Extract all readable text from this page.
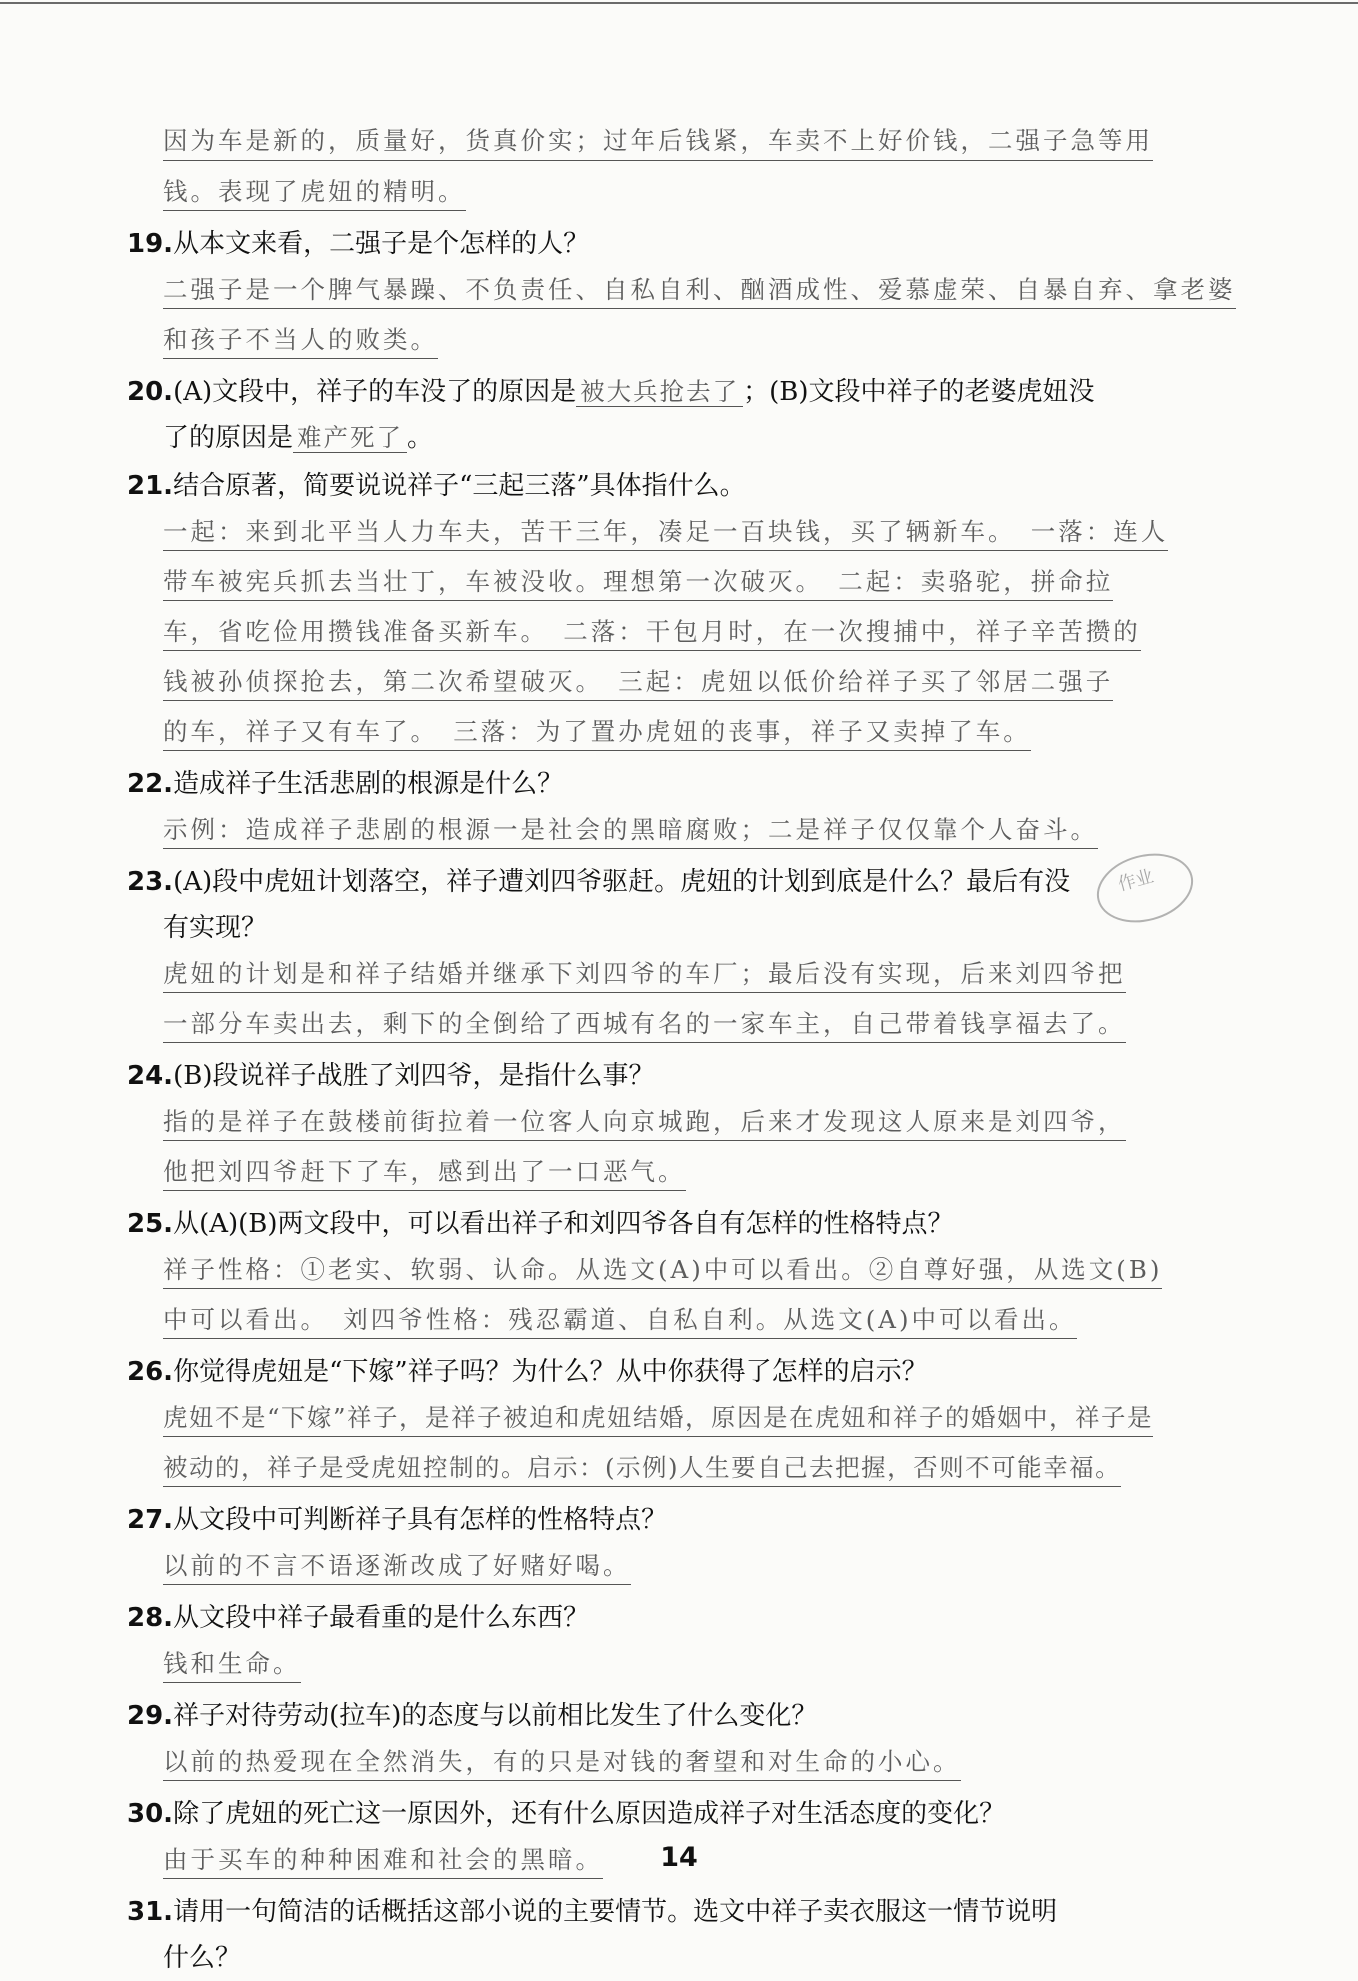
因为车是新的，质量好，货真价实；过年后钱紧，车卖不上好价钱，二强子急等用
钱。表现了虎妞的精明。
19.从本文来看，二强子是个怎样的人？
二强子是一个脾气暴躁、不负责任、自私自利、酗酒成性、爱慕虚荣、自暴自弃、拿老婆
和孩子不当人的败类。
20.(A)文段中，祥子的车没了的原因是 被大兵抢去了 ；(B)文段中祥子的老婆虎妞没
了的原因是 难产死了 。
21.结合原著，简要说说祥子“三起三落”具体指什么。
一起：来到北平当人力车夫，苦干三年，凑足一百块钱，买了辆新车。　一落：连人
带车被宪兵抓去当壮丁，车被没收。理想第一次破灭。　二起：卖骆驼，拼命拉
车，省吃俭用攒钱准备买新车。　二落：干包月时，在一次搜捕中，祥子辛苦攒的
钱被孙侦探抢去，第二次希望破灭。　三起：虎妞以低价给祥子买了邻居二强子
的车，祥子又有车了。　三落：为了置办虎妞的丧事，祥子又卖掉了车。
22.造成祥子生活悲剧的根源是什么？
示例：造成祥子悲剧的根源一是社会的黑暗腐败；二是祥子仅仅靠个人奋斗。
23.(A)段中虎妞计划落空，祥子遭刘四爷驱赶。虎妞的计划到底是什么？最后有没
有实现？
虎妞的计划是和祥子结婚并继承下刘四爷的车厂；最后没有实现，后来刘四爷把
一部分车卖出去，剩下的全倒给了西城有名的一家车主，自己带着钱享福去了。
24.(B)段说祥子战胜了刘四爷，是指什么事？
指的是祥子在鼓楼前街拉着一位客人向京城跑，后来才发现这人原来是刘四爷，
他把刘四爷赶下了车，感到出了一口恶气。
25.从(A)(B)两文段中，可以看出祥子和刘四爷各自有怎样的性格特点？
祥子性格：①老实、软弱、认命。从选文(A)中可以看出。②自尊好强，从选文(B)
中可以看出。　刘四爷性格：残忍霸道、自私自利。从选文(A)中可以看出。
26.你觉得虎妞是“下嫁”祥子吗？为什么？从中你获得了怎样的启示？
虎妞不是“下嫁”祥子，是祥子被迫和虎妞结婚，原因是在虎妞和祥子的婚姻中，祥子是
被动的，祥子是受虎妞控制的。启示：(示例)人生要自己去把握，否则不可能幸福。
27.从文段中可判断祥子具有怎样的性格特点？
以前的不言不语逐渐改成了好赌好喝。
28.从文段中祥子最看重的是什么东西？
钱和生命。
29.祥子对待劳动(拉车)的态度与以前相比发生了什么变化？
以前的热爱现在全然消失，有的只是对钱的奢望和对生命的小心。
30.除了虎妞的死亡这一原因外，还有什么原因造成祥子对生活态度的变化？
由于买车的种种困难和社会的黑暗。
31.请用一句简洁的话概括这部小说的主要情节。选文中祥子卖衣服这一情节说明
什么？
作业
14
